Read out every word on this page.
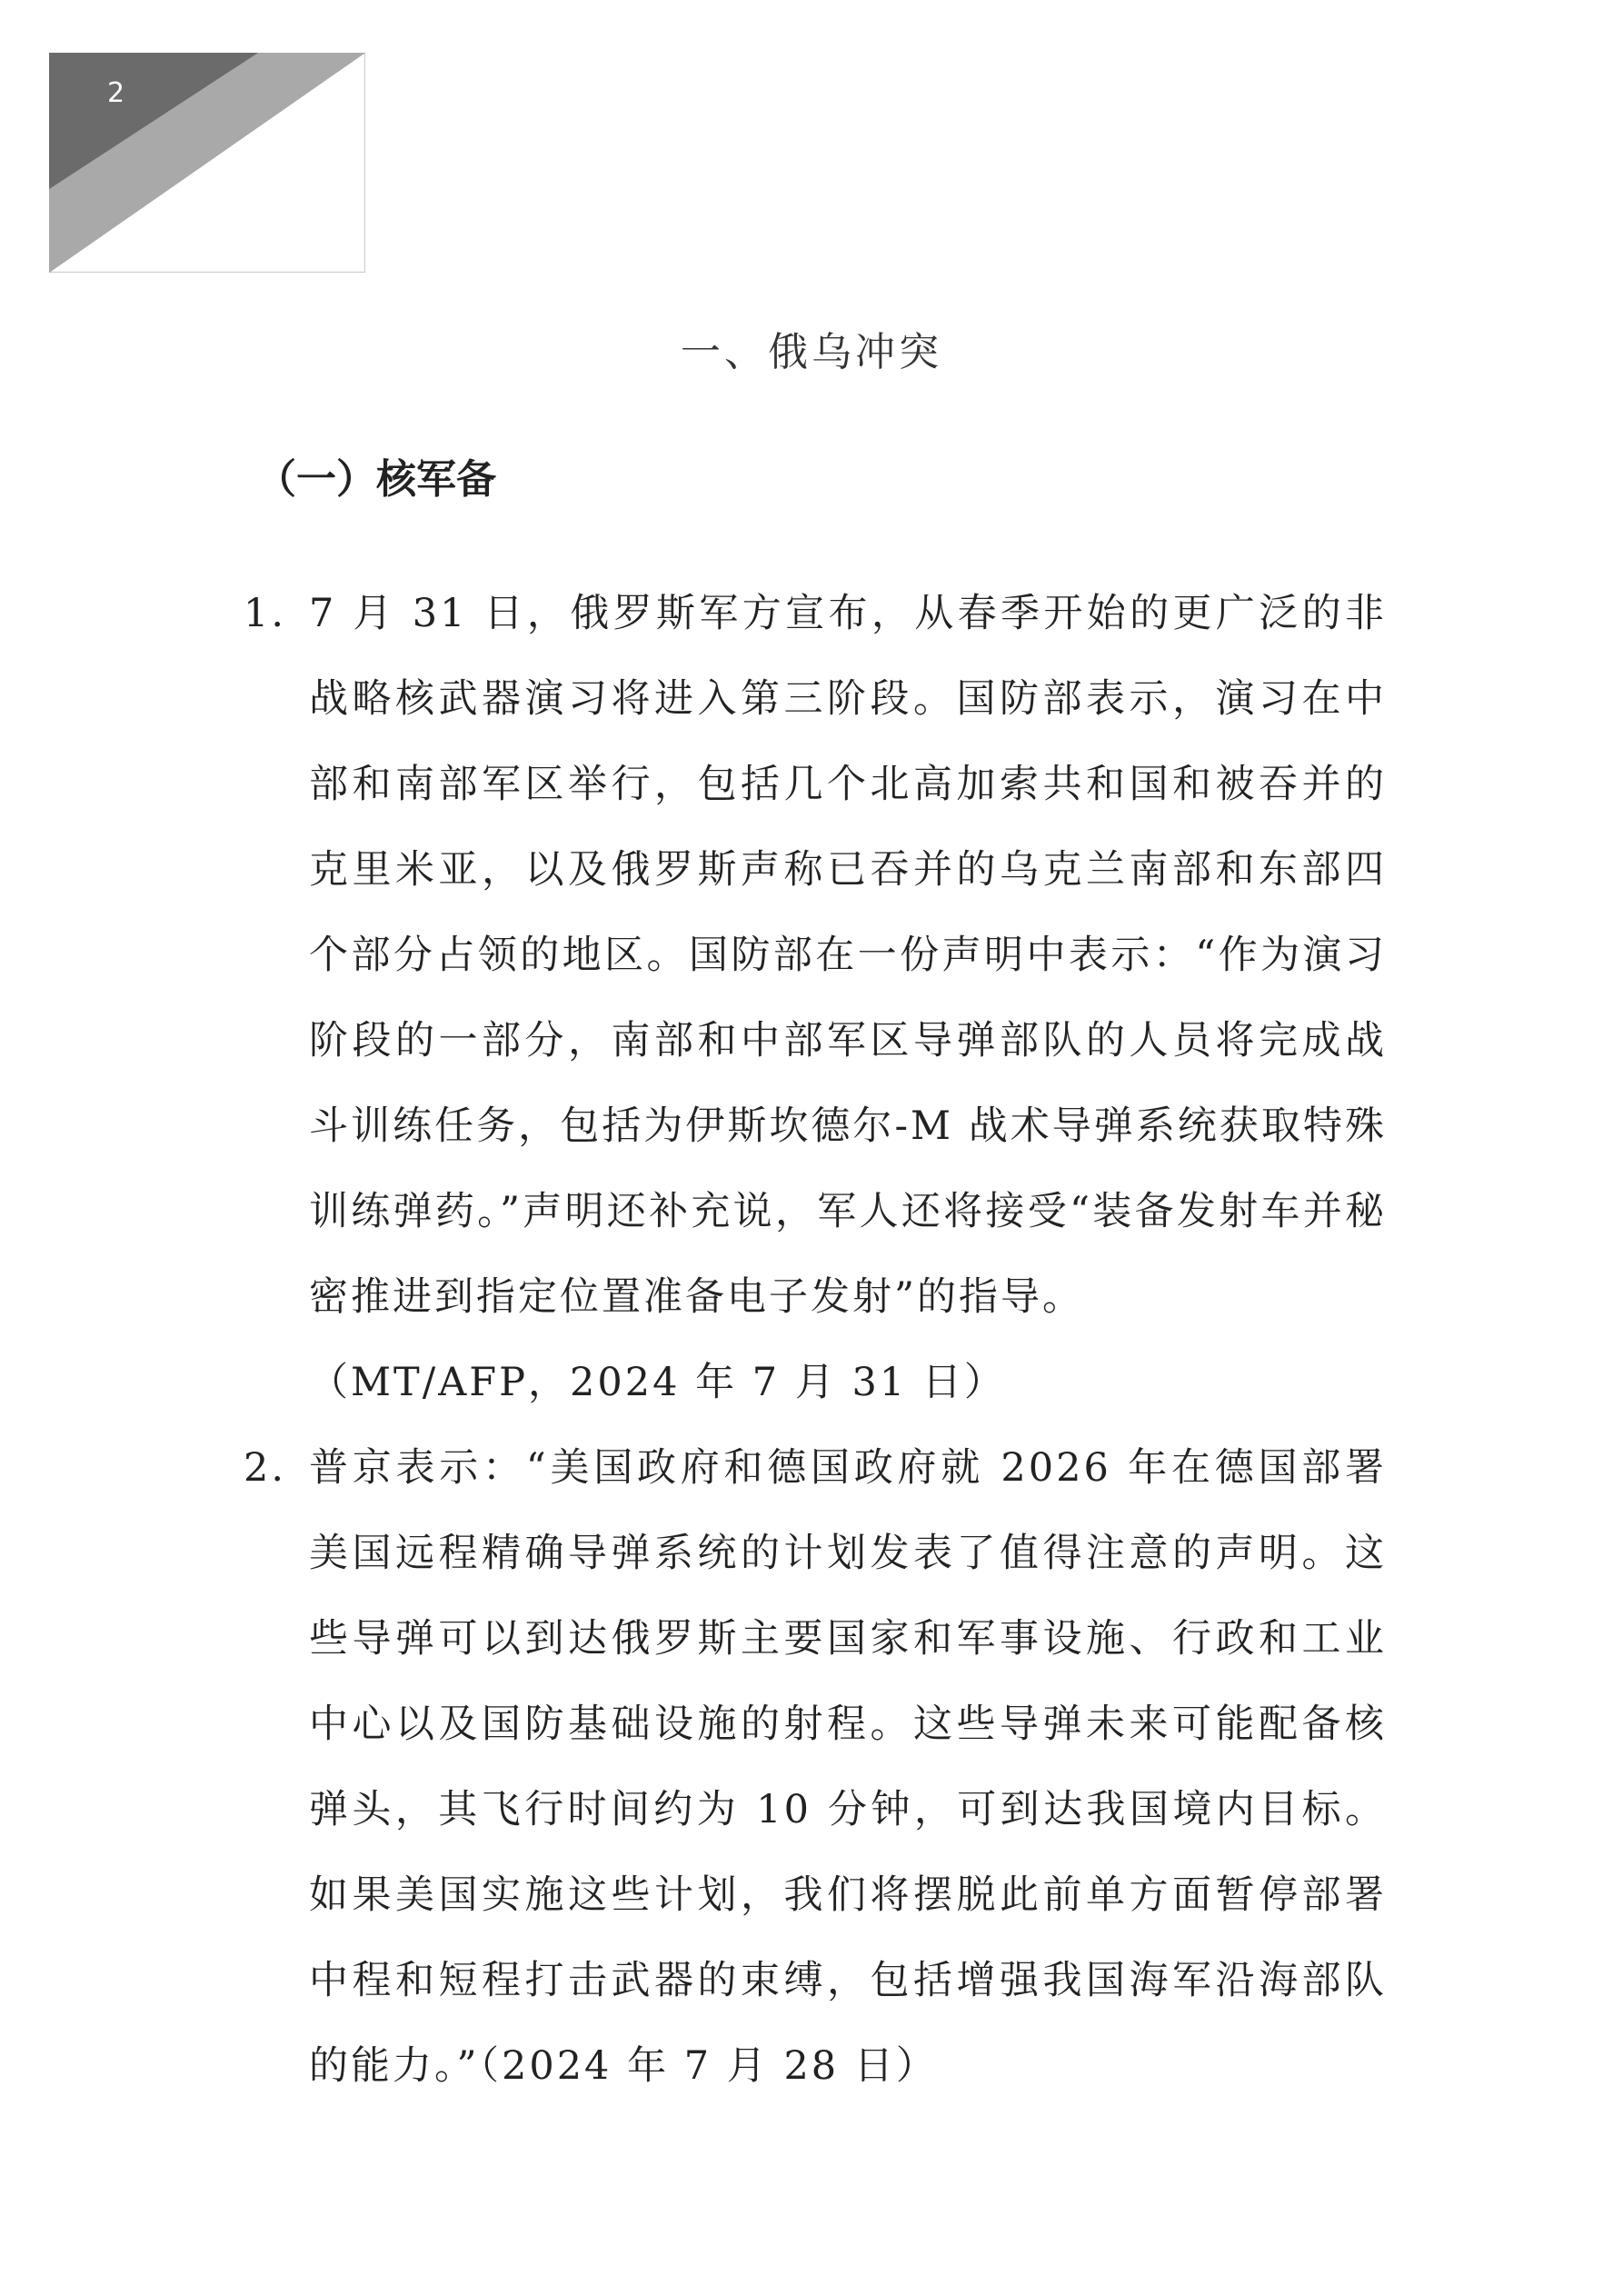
2
一、俄乌冲突
（一）核军备
1. 7 月 31 日，俄罗斯军方宣布，从春季开始的更广泛的非战略核武器演习将进入第三阶段。国防部表示，演习在中部和南部军区举行，包括几个北高加索共和国和被吞并的克里米亚，以及俄罗斯声称已吞并的乌克兰南部和东部四个部分占领的地区。国防部在一份声明中表示：“作为演习阶段的一部分，南部和中部军区导弹部队的人员将完成战斗训练任务，包括为伊斯坎德尔-M 战术导弹系统获取特殊训练弹药。”声明还补充说，军人还将接受“装备发射车并秘密推进到指定位置准备电子发射”的指导。
（MT/AFP，2024 年 7 月 31 日）
2. 普京表示：“美国政府和德国政府就 2026 年在德国部署美国远程精确导弹系统的计划发表了值得注意的声明。这些导弹可以到达俄罗斯主要国家和军事设施、行政和工业中心以及国防基础设施的射程。这些导弹未来可能配备核弹头，其飞行时间约为 10 分钟，可到达我国境内目标。如果美国实施这些计划，我们将摆脱此前单方面暂停部署中程和短程打击武器的束缚，包括增强我国海军沿海部队的能力。”（2024 年 7 月 28 日）
